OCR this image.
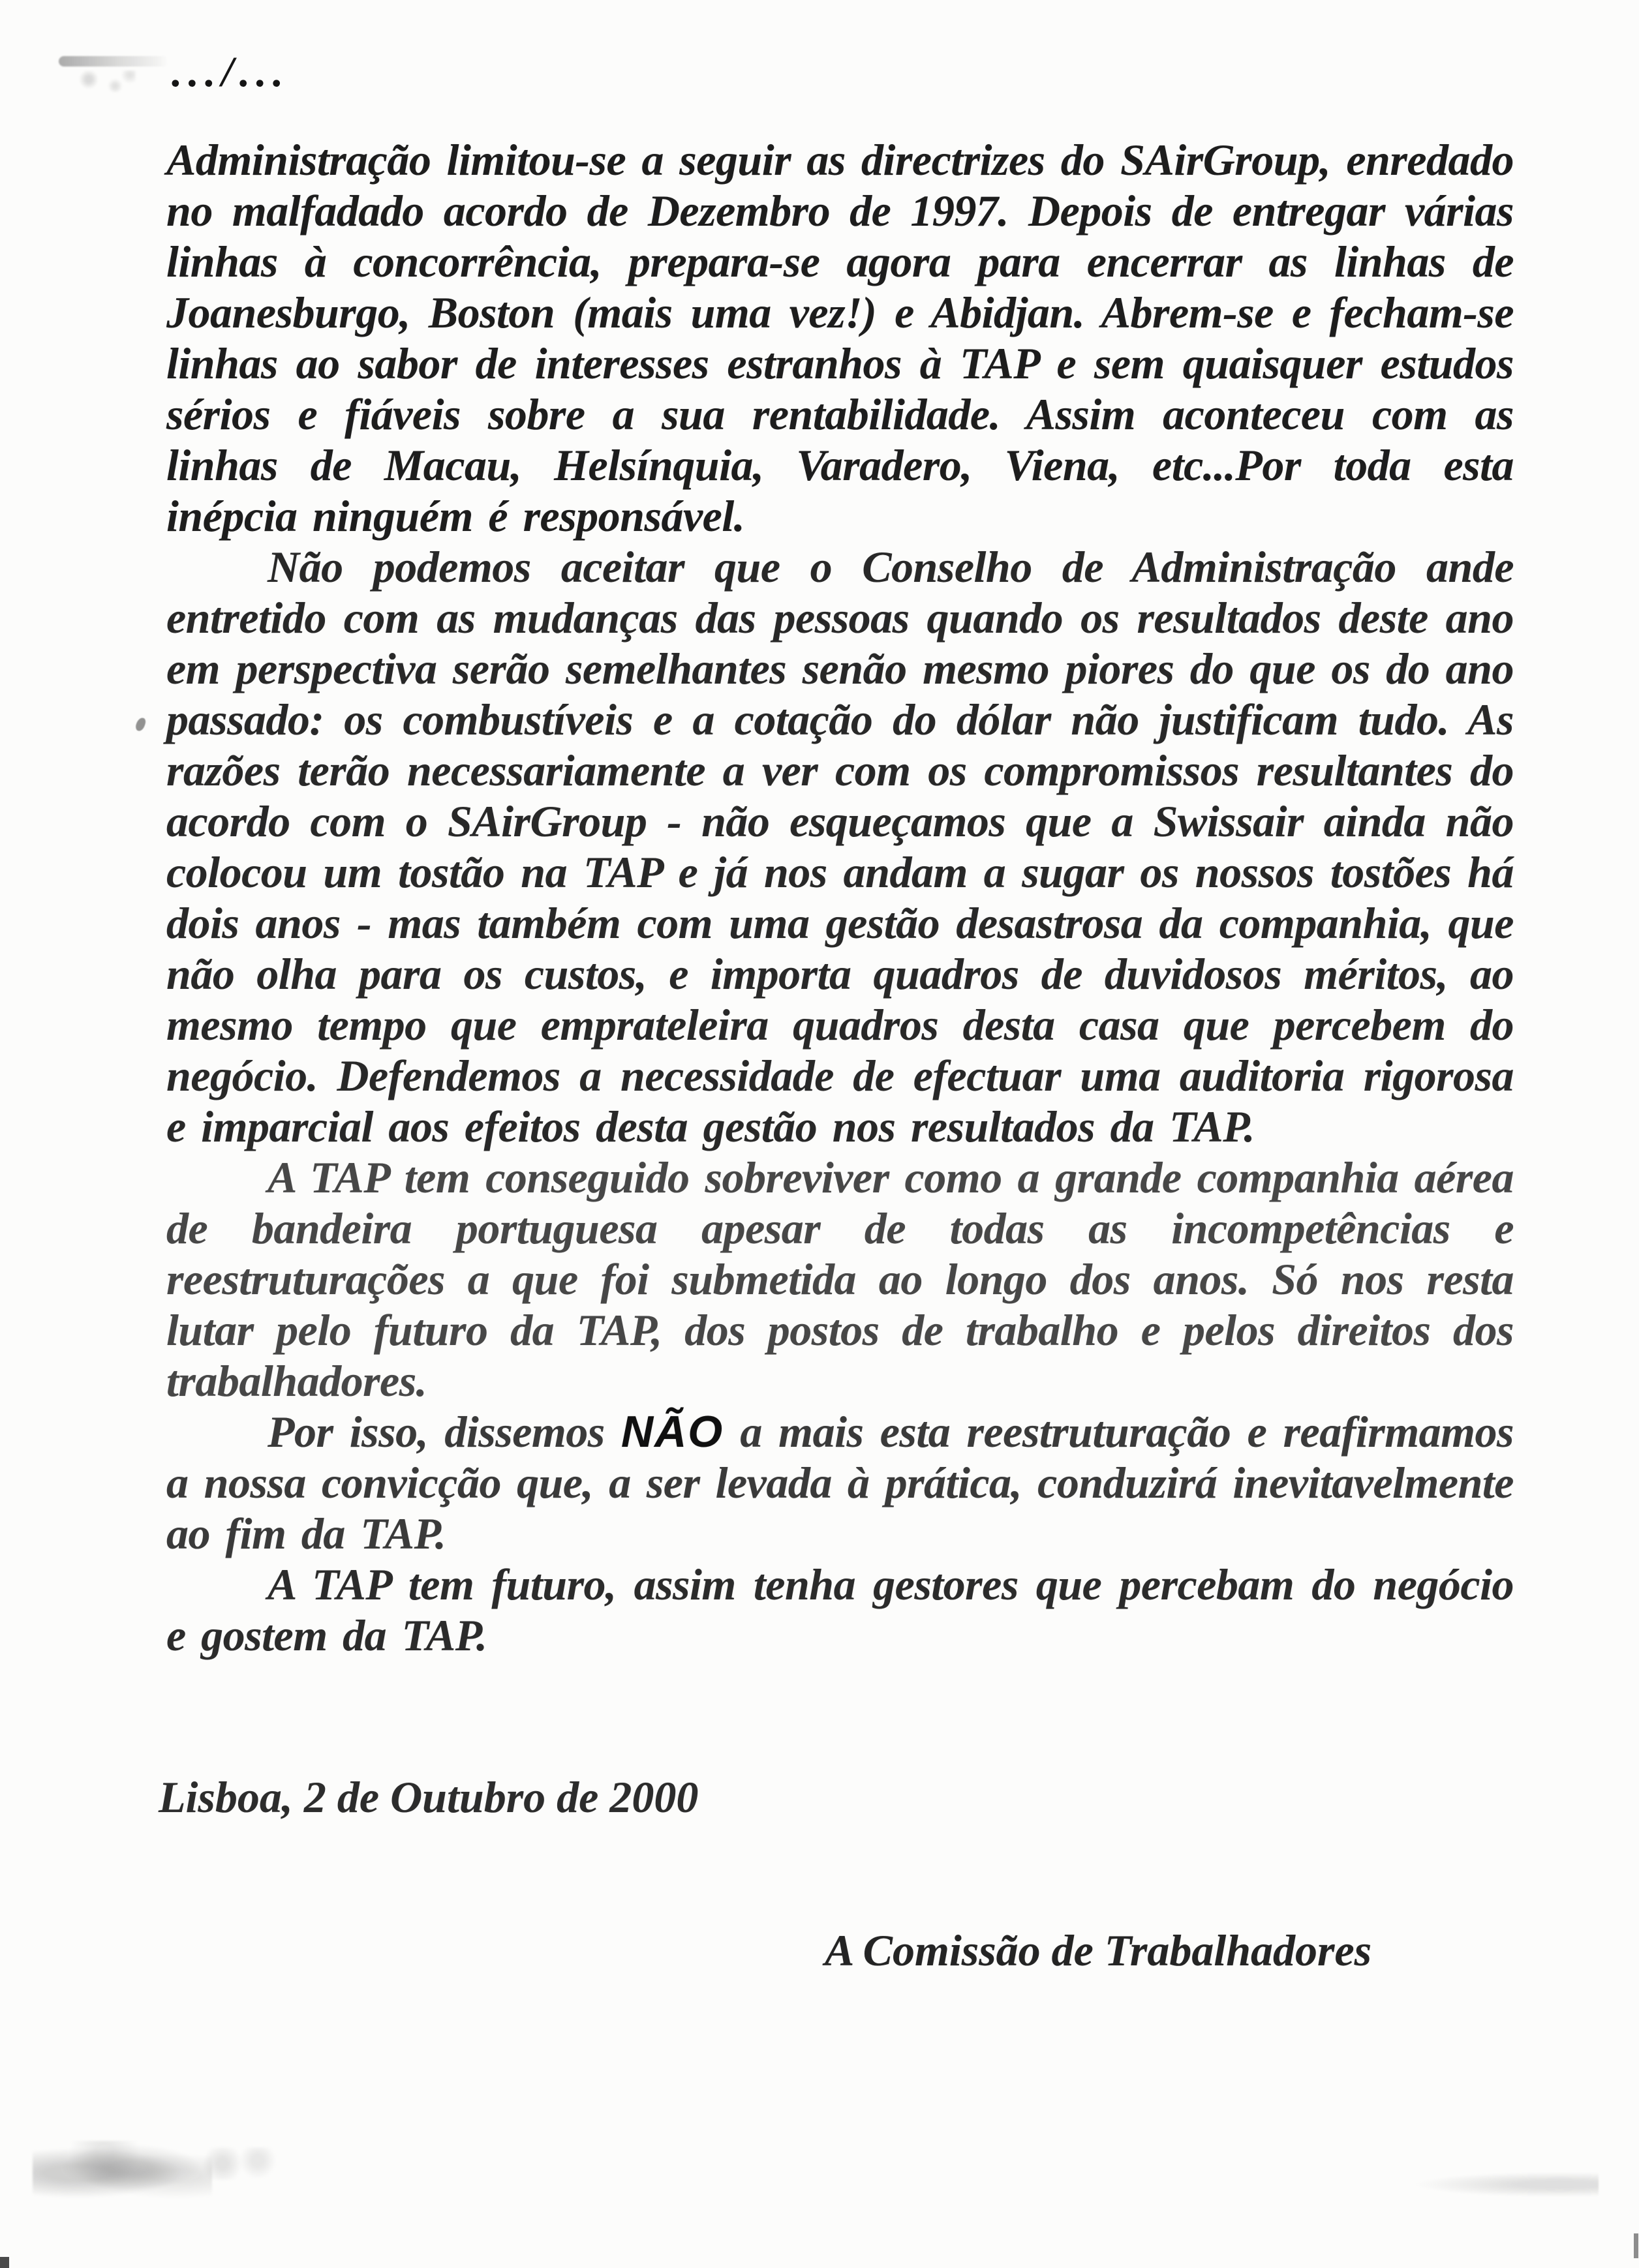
.../...

Administração limitou-se a seguir as directrizes do SAirGroup, enredado no malfadado acordo de Dezembro de 1997. Depois de entregar várias linhas à concorrência, prepara-se agora para encerrar as linhas de Joanesburgo, Boston (mais uma vez!) e Abidjan. Abrem-se e fecham-se linhas ao sabor de interesses estranhos à TAP e sem quaisquer estudos sérios e fiáveis sobre a sua rentabilidade. Assim aconteceu com as linhas de Macau, Helsínquia, Varadero, Viena, etc...Por toda esta inépcia ninguém é responsável.

Não podemos aceitar que o Conselho de Administração ande entretido com as mudanças das pessoas quando os resultados deste ano em perspectiva serão semelhantes senão mesmo piores do que os do ano passado: os combustíveis e a cotação do dólar não justificam tudo. As razões terão necessariamente a ver com os compromissos resultantes do acordo com o SAirGroup - não esqueçamos que a Swissair ainda não colocou um tostão na TAP e já nos andam a sugar os nossos tostões há dois anos - mas também com uma gestão desastrosa da companhia, que não olha para os custos, e importa quadros de duvidosos méritos, ao mesmo tempo que emprateleira quadros desta casa que percebem do negócio. Defendemos a necessidade de efectuar uma auditoria rigorosa e imparcial aos efeitos desta gestão nos resultados da TAP.

A TAP tem conseguido sobreviver como a grande companhia aérea de bandeira portuguesa apesar de todas as incompetências e reestruturações a que foi submetida ao longo dos anos. Só nos resta lutar pelo futuro da TAP, dos postos de trabalho e pelos direitos dos trabalhadores.

Por isso, dissemos NÃO a mais esta reestruturação e reafirmamos a nossa convicção que, a ser levada à prática, conduzirá inevitavelmente ao fim da TAP.

A TAP tem futuro, assim tenha gestores que percebam do negócio e gostem da TAP.

Lisboa, 2 de Outubro de 2000
A Comissão de Trabalhadores
